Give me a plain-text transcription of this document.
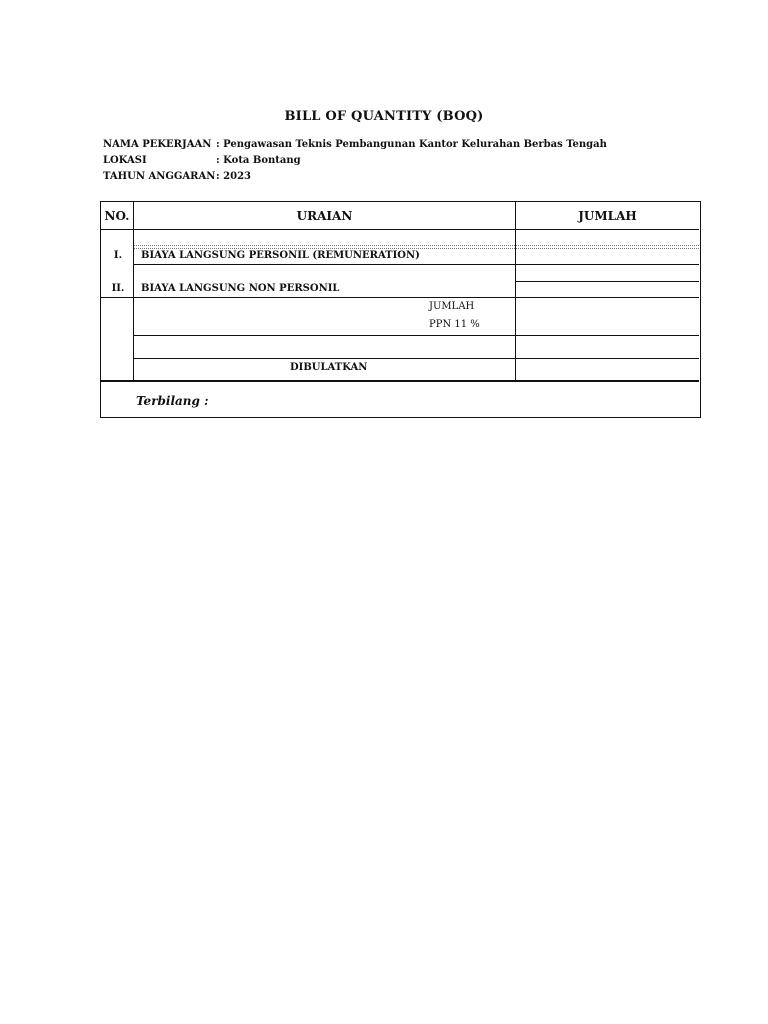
BILL OF QUANTITY (BOQ)
NAMA PEKERJAAN : Pengawasan Teknis Pembangunan Kantor Kelurahan Berbas Tengah
LOKASI	: Kota Bontang
TAHUN ANGGARAN : 2023
NO.	URAIAN	JUMLAH
I.	BIAYA LANGSUNG PERSONIL (REMUNERATION)
II.	BIAYA LANGSUNG NON PERSONIL
JUMLAH
PPN 11 %
DIBULATKAN
Terbilang :
